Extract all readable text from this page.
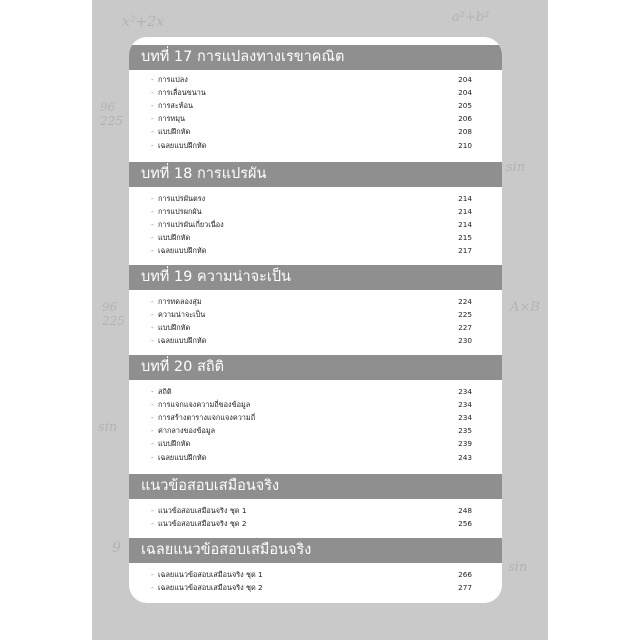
x²+2x	a²+b²
96
225
96
225
sin
A×B
sin
sin
9
บทที่ 17 การแปลงทางเรขาคณิต
- การแปลง	204
- การเลื่อนขนาน	204
- การสะท้อน	205
- การหมุน	206
- แบบฝึกหัด	208
- เฉลยแบบฝึกหัด	210
บทที่ 18 การแปรผัน
- การแปรผันตรง	214
- การแปรผกผัน	214
- การแปรผันเกี่ยวเนื่อง	214
- แบบฝึกหัด	215
- เฉลยแบบฝึกหัด	217
บทที่ 19 ความน่าจะเป็น
- การทดลองสุ่ม	224
- ความน่าจะเป็น	225
- แบบฝึกหัด	227
- เฉลยแบบฝึกหัด	230
บทที่ 20 สถิติ
- สถิติ	234
- การแจกแจงความถี่ของข้อมูล	234
- การสร้างตารางแจกแจงความถี่	234
- ค่ากลางของข้อมูล	235
- แบบฝึกหัด	239
- เฉลยแบบฝึกหัด	243
แนวข้อสอบเสมือนจริง
- แนวข้อสอบเสมือนจริง ชุด 1	248
- แนวข้อสอบเสมือนจริง ชุด 2	256
เฉลยแนวข้อสอบเสมือนจริง
- เฉลยแนวข้อสอบเสมือนจริง ชุด 1	266
- เฉลยแนวข้อสอบเสมือนจริง ชุด 2	277
